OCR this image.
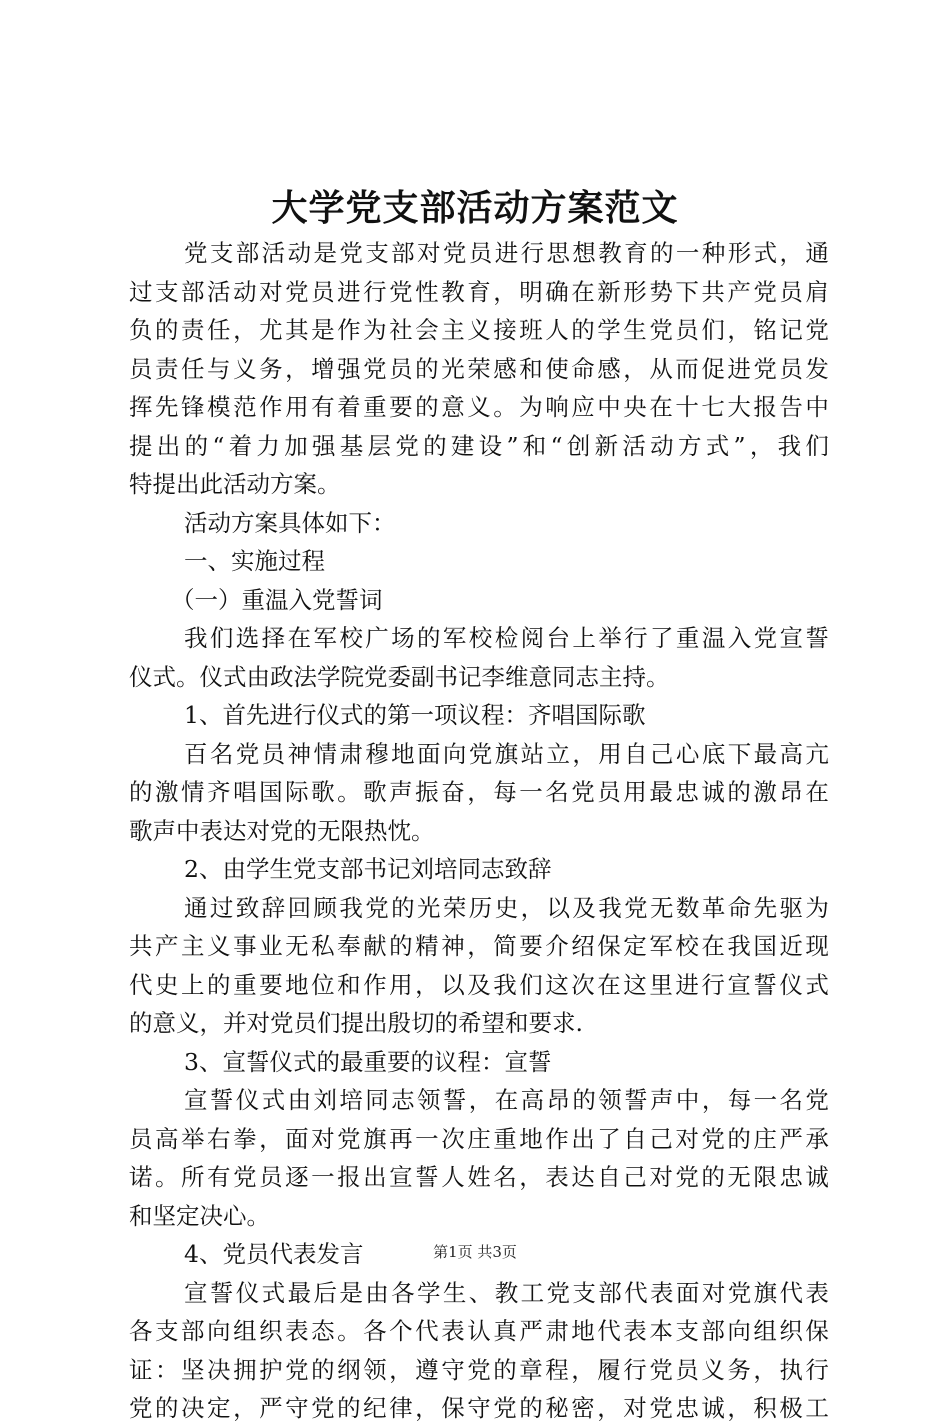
大学党支部活动方案范文
党 支 部 活 动 是 党 支 部 对 党 员 进 行 思 想 教 育 的 一 种 形 式 ， 通
过 支 部 活 动 对 党 员 进 行 党 性 教 育 ， 明 确 在 新 形 势 下 共 产 党 员 肩
负 的 责 任 ， 尤 其 是 作 为 社 会 主 义 接 班 人 的 学 生 党 员 们 ， 铭 记 党
员 责 任 与 义 务 ， 增 强 党 员 的 光 荣 感 和 使 命 感 ， 从 而 促 进 党 员 发
挥 先 锋 模 范 作 用 有 着 重 要 的 意 义 。 为 响 应 中 央 在 十 七 大 报 告 中
提 出 的 “ 着 力 加 强 基 层 党 的 建 设 ” 和 “ 创 新 活 动 方 式 ” ， 我 们
特提出此活动方案。
活动方案具体如下：
一、实施过程
（一）重温入党誓词
我 们 选 择 在 军 校 广 场 的 军 校 检 阅 台 上 举 行 了 重 温 入 党 宣 誓
仪式。仪式由政法学院党委副书记李维意同志主持。
1、首先进行仪式的第一项议程：齐唱国际歌
百 名 党 员 神 情 肃 穆 地 面 向 党 旗 站 立 ， 用 自 己 心 底 下 最 高 亢
的 激 情 齐 唱 国 际 歌 。 歌 声 振 奋 ， 每 一 名 党 员 用 最 忠 诚 的 激 昂 在
歌声中表达对党的无限热忱。
2、由学生党支部书记刘培同志致辞
通 过 致 辞 回 顾 我 党 的 光 荣 历 史 ， 以 及 我 党 无 数 革 命 先 驱 为
共 产 主 义 事 业 无 私 奉 献 的 精 神 ， 简 要 介 绍 保 定 军 校 在 我 国 近 现
代 史 上 的 重 要 地 位 和 作 用 ， 以 及 我 们 这 次 在 这 里 进 行 宣 誓 仪 式
的意义，并对党员们提出殷切的希望和要求.
3、宣誓仪式的最重要的议程：宣誓
宣 誓 仪 式 由 刘 培 同 志 领 誓 ， 在 高 昂 的 领 誓 声 中 ， 每 一 名 党
员 高 举 右 拳 ， 面 对 党 旗 再 一 次 庄 重 地 作 出 了 自 己 对 党 的 庄 严 承
诺 。 所 有 党 员 逐 一 报 出 宣 誓 人 姓 名 ， 表 达 自 己 对 党 的 无 限 忠 诚
和坚定决心。
4、党员代表发言
宣 誓 仪 式 最 后 是 由 各 学 生 、 教 工 党 支 部 代 表 面 对 党 旗 代 表
各 支 部 向 组 织 表 态 。 各 个 代 表 认 真 严 肃 地 代 表 本 支 部 向 组 织 保
证 ： 坚 决 拥 护 党 的 纲 领 ， 遵 守 党 的 章 程 ， 履 行 党 员 义 务 ， 执 行
党 的 决 定 ， 严 守 党 的 纪 律 ， 保 守 党 的 秘 密 ， 对 党 忠 诚 ， 积 极 工
第1页 共3页
